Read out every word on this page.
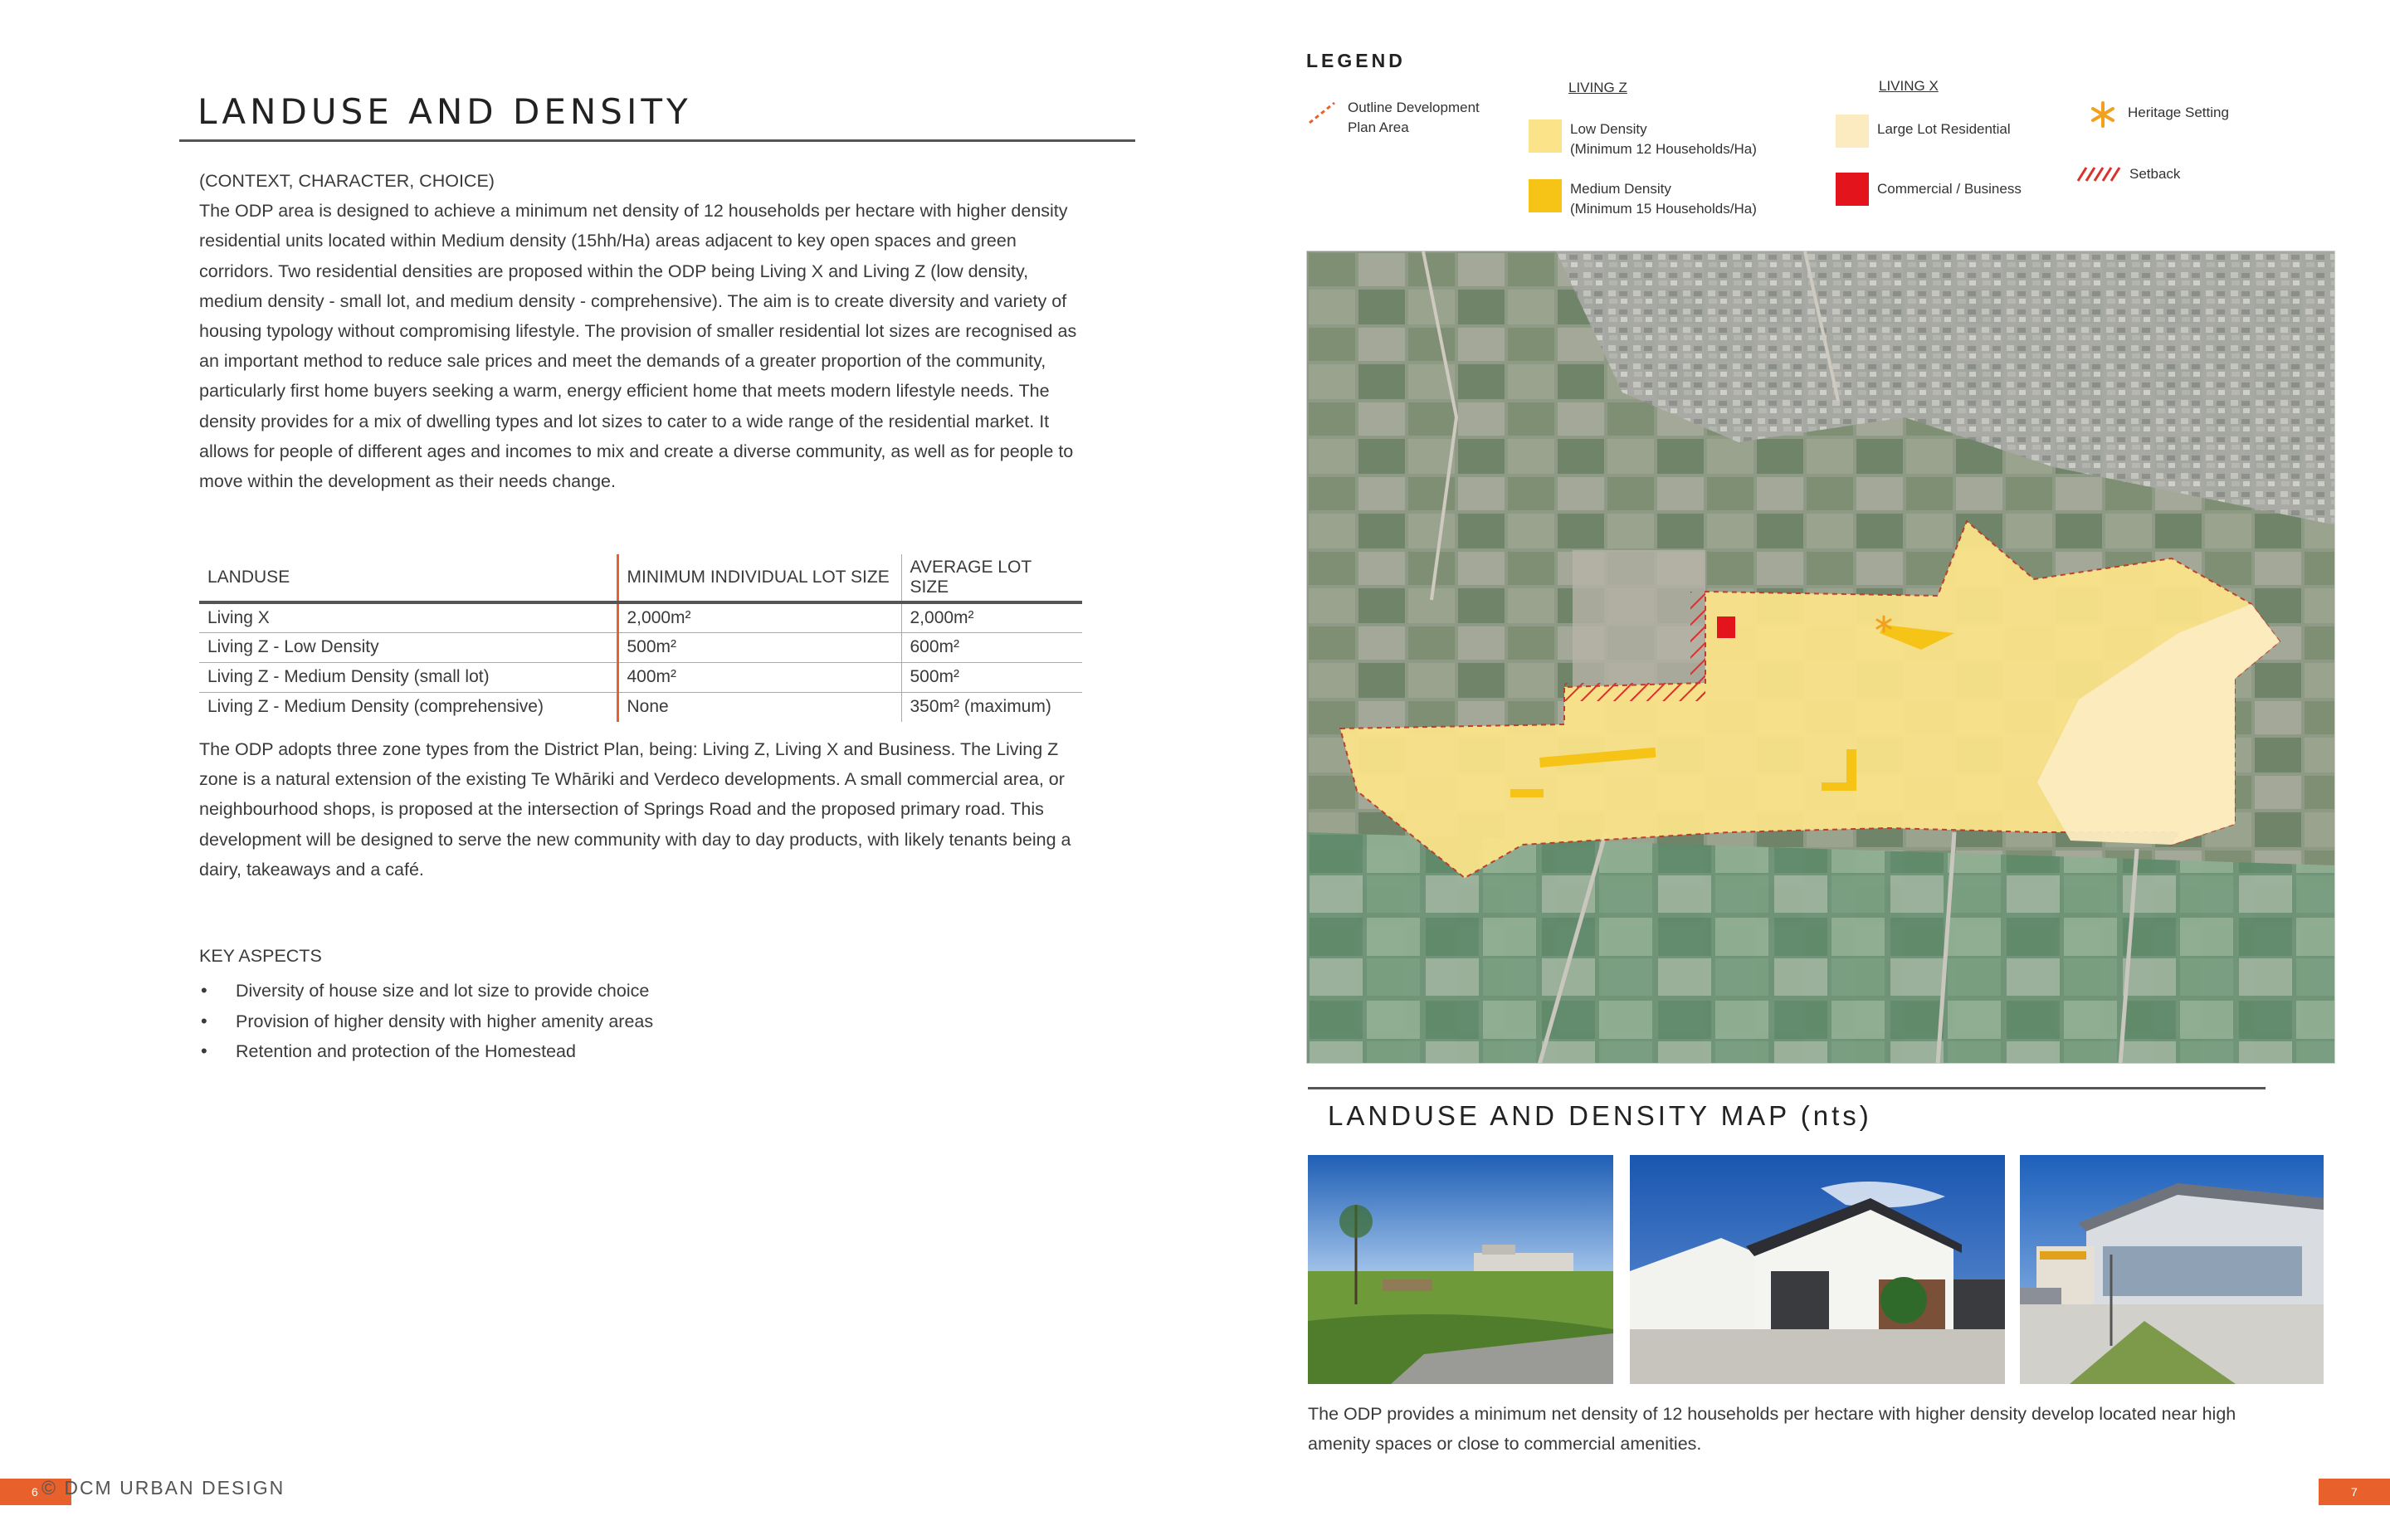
LANDUSE AND DENSITY
(CONTEXT, CHARACTER, CHOICE)
The ODP area is designed to achieve a minimum net density of 12 households per hectare with higher density residential units located within Medium density (15hh/Ha) areas adjacent to key open spaces and green corridors. Two residential densities are proposed within the ODP being Living X and Living Z (low density, medium density - small lot, and medium density - comprehensive). The aim is to create diversity and variety of housing typology without compromising lifestyle. The provision of smaller residential lot sizes are recognised as an important method to reduce sale prices and meet the demands of a greater proportion of the community, particularly first home buyers seeking a warm, energy efficient home that meets modern lifestyle needs. The density provides for a mix of dwelling types and lot sizes to cater to a wide range of the residential market. It allows for people of different ages and incomes to mix and create a diverse community, as well as for people to move within the development as their needs change.
LANDUSE	MINIMUM INDIVIDUAL LOT SIZE	AVERAGE LOT SIZE
Living X	2,000m²	2,000m²
Living Z - Low Density	500m²	600m²
Living Z - Medium Density (small lot)	400m²	500m²
Living Z - Medium Density (comprehensive)	None	350m² (maximum)

The ODP adopts three zone types from the District Plan, being: Living Z, Living X and Business. The Living Z zone is a natural extension of the existing Te Whāriki and Verdeco developments. A small commercial area, or neighbourhood shops, is proposed at the intersection of Springs Road and the proposed primary road. This development will be designed to serve the new community with day to day products, with likely tenants being a dairy, takeaways and a café.

KEY ASPECTS
• Diversity of house size and lot size to provide choice
• Provision of higher density with higher amenity areas
• Retention and protection of the Homestead
6 © DCM URBAN DESIGN
LEGEND
Outline Development
Plan Area
LIVING Z
Low Density
(Minimum 12 Households/Ha)
Medium Density
(Minimum 15 Households/Ha)
LIVING X
Large Lot Residential
Commercial / Business
Heritage Setting
Setback
LANDUSE AND DENSITY MAP (nts)

The ODP provides a minimum net density of 12 households per hectare with higher density develop located near high amenity spaces or close to commercial amenities.

7
